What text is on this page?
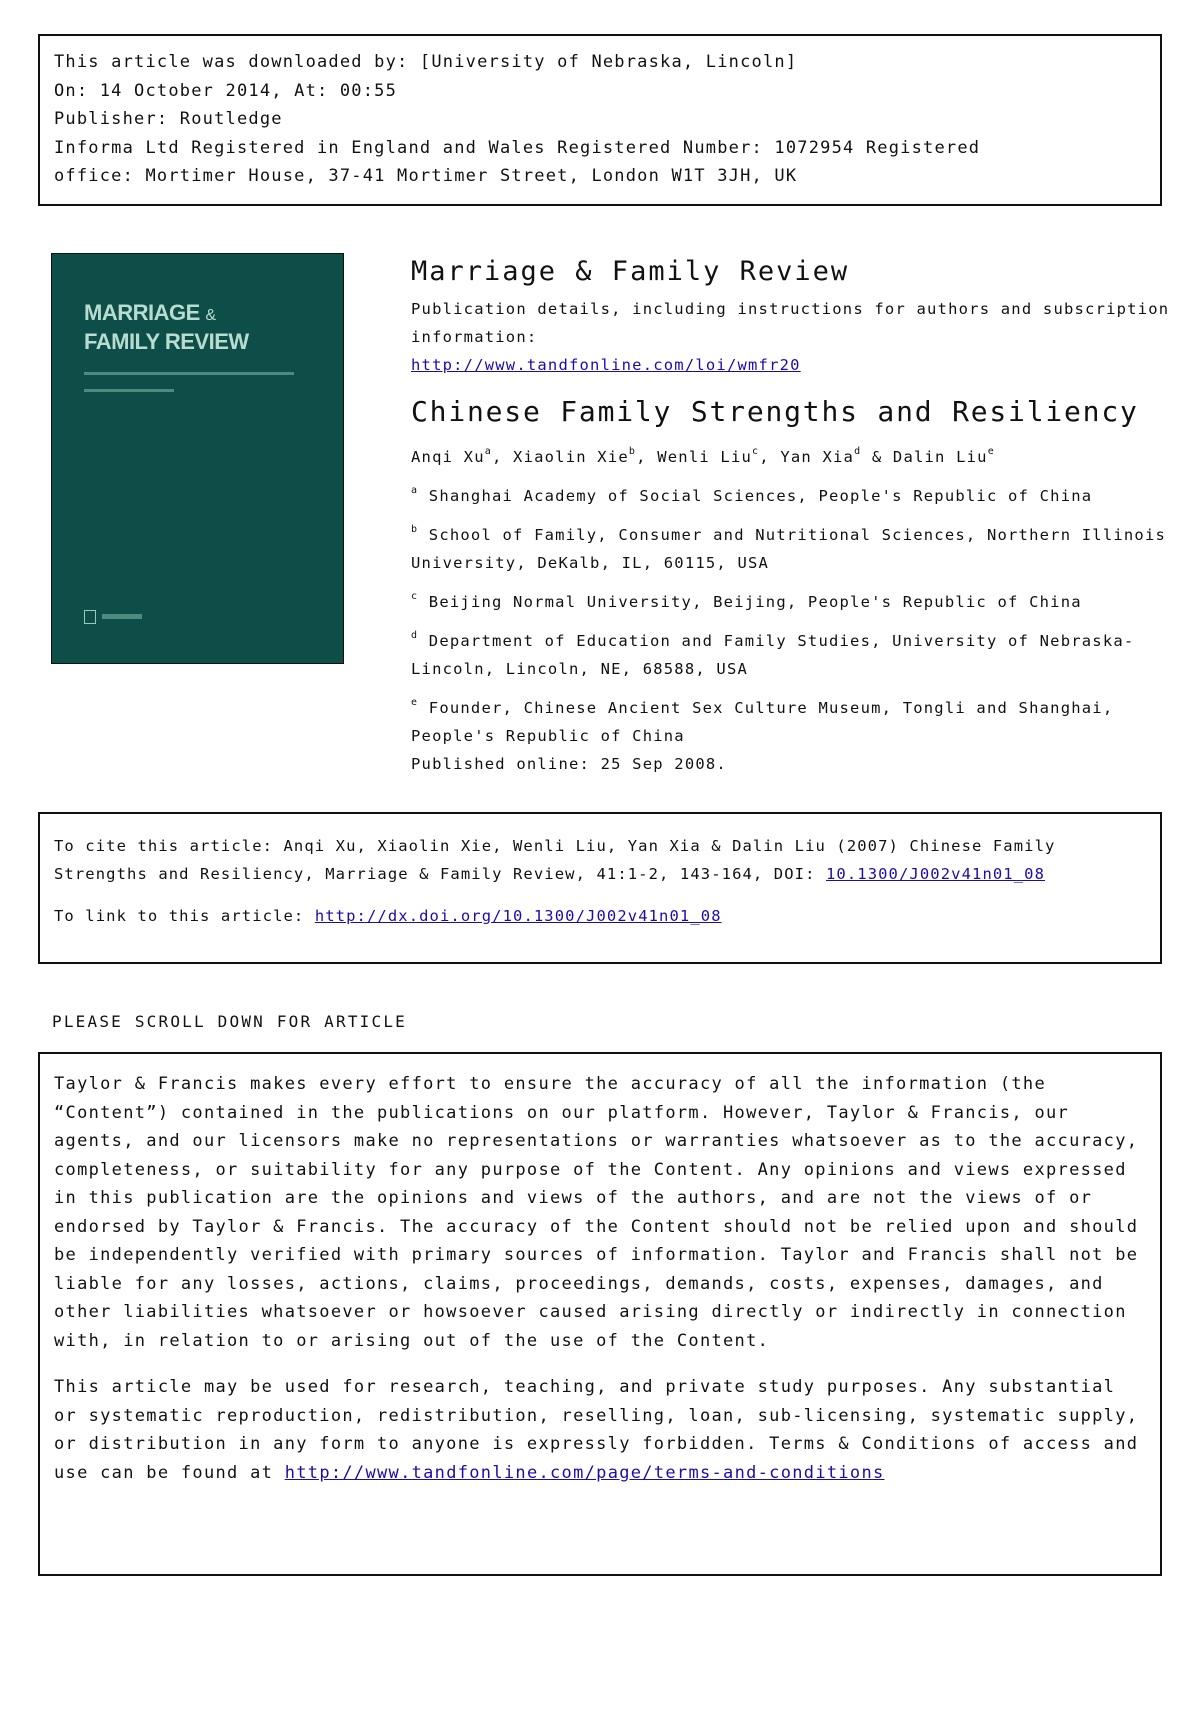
This article was downloaded by: [University of Nebraska, Lincoln]
On: 14 October 2014, At: 00:55
Publisher: Routledge
Informa Ltd Registered in England and Wales Registered Number: 1072954 Registered
office: Mortimer House, 37-41 Mortimer Street, London W1T 3JH, UK
MARRIAGE &
FAMILY REVIEW
Marriage & Family Review
Publication details, including instructions for authors and subscription information:
http://www.tandfonline.com/loi/wmfr20
Chinese Family Strengths and Resiliency
Anqi Xu$^a$, Xiaolin Xie$^b$, Wenli Liu$^c$, Yan Xia$^d$ & Dalin Liu$^e$
$^a$ Shanghai Academy of Social Sciences, People's Republic of China
$^b$ School of Family, Consumer and Nutritional Sciences, Northern Illinois University, DeKalb, IL, 60115, USA
$^c$ Beijing Normal University, Beijing, People's Republic of China
$^d$ Department of Education and Family Studies, University of Nebraska-Lincoln, Lincoln, NE, 68588, USA
$^e$ Founder, Chinese Ancient Sex Culture Museum, Tongli and Shanghai, People's Republic of China
Published online: 25 Sep 2008.
To cite this article: Anqi Xu, Xiaolin Xie, Wenli Liu, Yan Xia & Dalin Liu (2007) Chinese Family Strengths and Resiliency, Marriage & Family Review, 41:1-2, 143-164, DOI: 10.1300/J002v41n01_08
To link to this article: http://dx.doi.org/10.1300/J002v41n01_08
PLEASE SCROLL DOWN FOR ARTICLE
Taylor & Francis makes every effort to ensure the accuracy of all the information (the “Content”) contained in the publications on our platform. However, Taylor & Francis, our agents, and our licensors make no representations or warranties whatsoever as to the accuracy, completeness, or suitability for any purpose of the Content. Any opinions and views expressed in this publication are the opinions and views of the authors, and are not the views of or endorsed by Taylor & Francis. The accuracy of the Content should not be relied upon and should be independently verified with primary sources of information. Taylor and Francis shall not be liable for any losses, actions, claims, proceedings, demands, costs, expenses, damages, and other liabilities whatsoever or howsoever caused arising directly or indirectly in connection with, in relation to or arising out of the use of the Content.
This article may be used for research, teaching, and private study purposes. Any substantial or systematic reproduction, redistribution, reselling, loan, sub-licensing, systematic supply, or distribution in any form to anyone is expressly forbidden. Terms & Conditions of access and use can be found at http://www.tandfonline.com/page/terms-and-conditions
